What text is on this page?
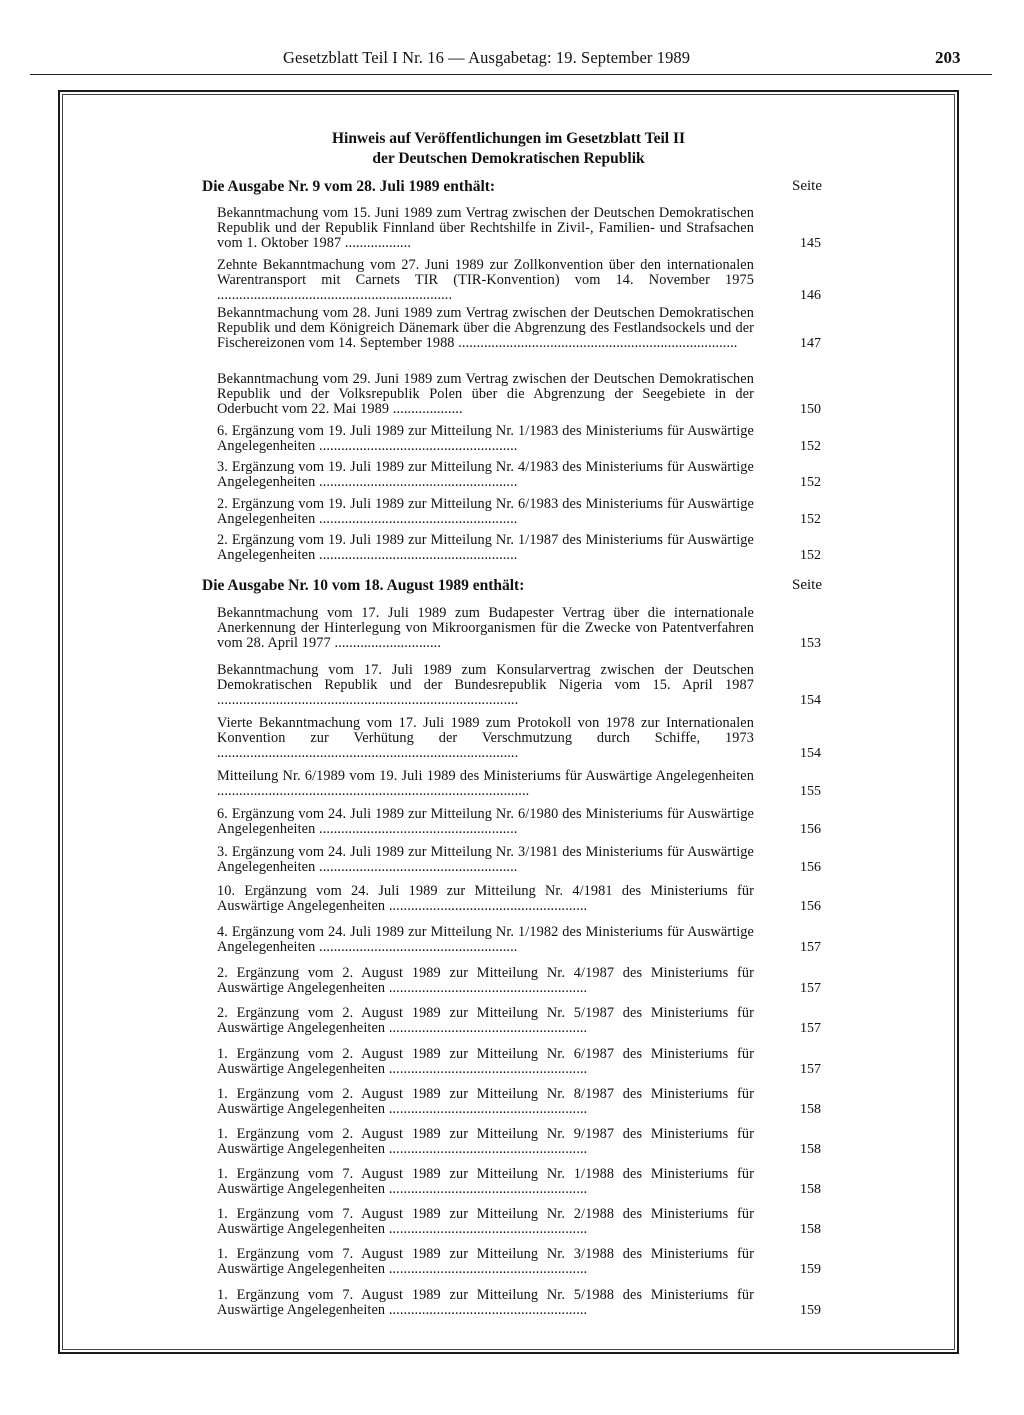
Gesetzblatt Teil I Nr. 16 — Ausgabetag: 19. September 1989	203
Hinweis auf Veröffentlichungen im Gesetzblatt Teil II
der Deutschen Demokratischen Republik
Die Ausgabe Nr. 9 vom 28. Juli 1989 enthält:	Seite
Bekanntmachung vom 15. Juni 1989 zum Vertrag zwischen der Deutschen Demokratischen Republik und der Republik Finnland über Rechtshilfe in Zivil-, Familien- und Strafsachen vom 1. Oktober 1987 ..................	145
Zehnte Bekanntmachung vom 27. Juni 1989 zur Zollkonvention über den internationalen Warentransport mit Carnets TIR (TIR-Konvention) vom 14. November 1975 ................................................................	146
Bekanntmachung vom 28. Juni 1989 zum Vertrag zwischen der Deutschen Demokratischen Republik und dem Königreich Dänemark über die Abgrenzung des Festlandsockels und der Fischereizonen vom 14. September 1988 ............................................................................	147
Bekanntmachung vom 29. Juni 1989 zum Vertrag zwischen der Deutschen Demokratischen Republik und der Volksrepublik Polen über die Abgrenzung der Seegebiete in der Oderbucht vom 22. Mai 1989 ...................	150
6. Ergänzung vom 19. Juli 1989 zur Mitteilung Nr. 1/1983 des Ministeriums für Auswärtige Angelegenheiten ......................................................	152
3. Ergänzung vom 19. Juli 1989 zur Mitteilung Nr. 4/1983 des Ministeriums für Auswärtige Angelegenheiten ......................................................	152
2. Ergänzung vom 19. Juli 1989 zur Mitteilung Nr. 6/1983 des Ministeriums für Auswärtige Angelegenheiten ......................................................	152
2. Ergänzung vom 19. Juli 1989 zur Mitteilung Nr. 1/1987 des Ministeriums für Auswärtige Angelegenheiten ......................................................	152
Die Ausgabe Nr. 10 vom 18. August 1989 enthält:	Seite
Bekanntmachung vom 17. Juli 1989 zum Budapester Vertrag über die internationale Anerkennung der Hinterlegung von Mikroorganismen für die Zwecke von Patentverfahren vom 28. April 1977 .............................	153
Bekanntmachung vom 17. Juli 1989 zum Konsularvertrag zwischen der Deutschen Demokratischen Republik und der Bundesrepublik Nigeria vom 15. April 1987 ..................................................................................	154
Vierte Bekanntmachung vom 17. Juli 1989 zum Protokoll von 1978 zur Internationalen Konvention zur Verhütung der Verschmutzung durch Schiffe, 1973 ..................................................................................	154
Mitteilung Nr. 6/1989 vom 19. Juli 1989 des Ministeriums für Auswärtige Angelegenheiten .....................................................................................	155
6. Ergänzung vom 24. Juli 1989 zur Mitteilung Nr. 6/1980 des Ministeriums für Auswärtige Angelegenheiten ......................................................	156
3. Ergänzung vom 24. Juli 1989 zur Mitteilung Nr. 3/1981 des Ministeriums für Auswärtige Angelegenheiten ......................................................	156
10. Ergänzung vom 24. Juli 1989 zur Mitteilung Nr. 4/1981 des Ministeriums für Auswärtige Angelegenheiten ......................................................	156
4. Ergänzung vom 24. Juli 1989 zur Mitteilung Nr. 1/1982 des Ministeriums für Auswärtige Angelegenheiten ......................................................	157
2. Ergänzung vom 2. August 1989 zur Mitteilung Nr. 4/1987 des Ministeriums für Auswärtige Angelegenheiten ......................................................	157
2. Ergänzung vom 2. August 1989 zur Mitteilung Nr. 5/1987 des Ministeriums für Auswärtige Angelegenheiten ......................................................	157
1. Ergänzung vom 2. August 1989 zur Mitteilung Nr. 6/1987 des Ministeriums für Auswärtige Angelegenheiten ......................................................	157
1. Ergänzung vom 2. August 1989 zur Mitteilung Nr. 8/1987 des Ministeriums für Auswärtige Angelegenheiten ......................................................	158
1. Ergänzung vom 2. August 1989 zur Mitteilung Nr. 9/1987 des Ministeriums für Auswärtige Angelegenheiten ......................................................	158
1. Ergänzung vom 7. August 1989 zur Mitteilung Nr. 1/1988 des Ministeriums für Auswärtige Angelegenheiten ......................................................	158
1. Ergänzung vom 7. August 1989 zur Mitteilung Nr. 2/1988 des Ministeriums für Auswärtige Angelegenheiten ......................................................	158
1. Ergänzung vom 7. August 1989 zur Mitteilung Nr. 3/1988 des Ministeriums für Auswärtige Angelegenheiten ......................................................	159
1. Ergänzung vom 7. August 1989 zur Mitteilung Nr. 5/1988 des Ministeriums für Auswärtige Angelegenheiten ......................................................	159
